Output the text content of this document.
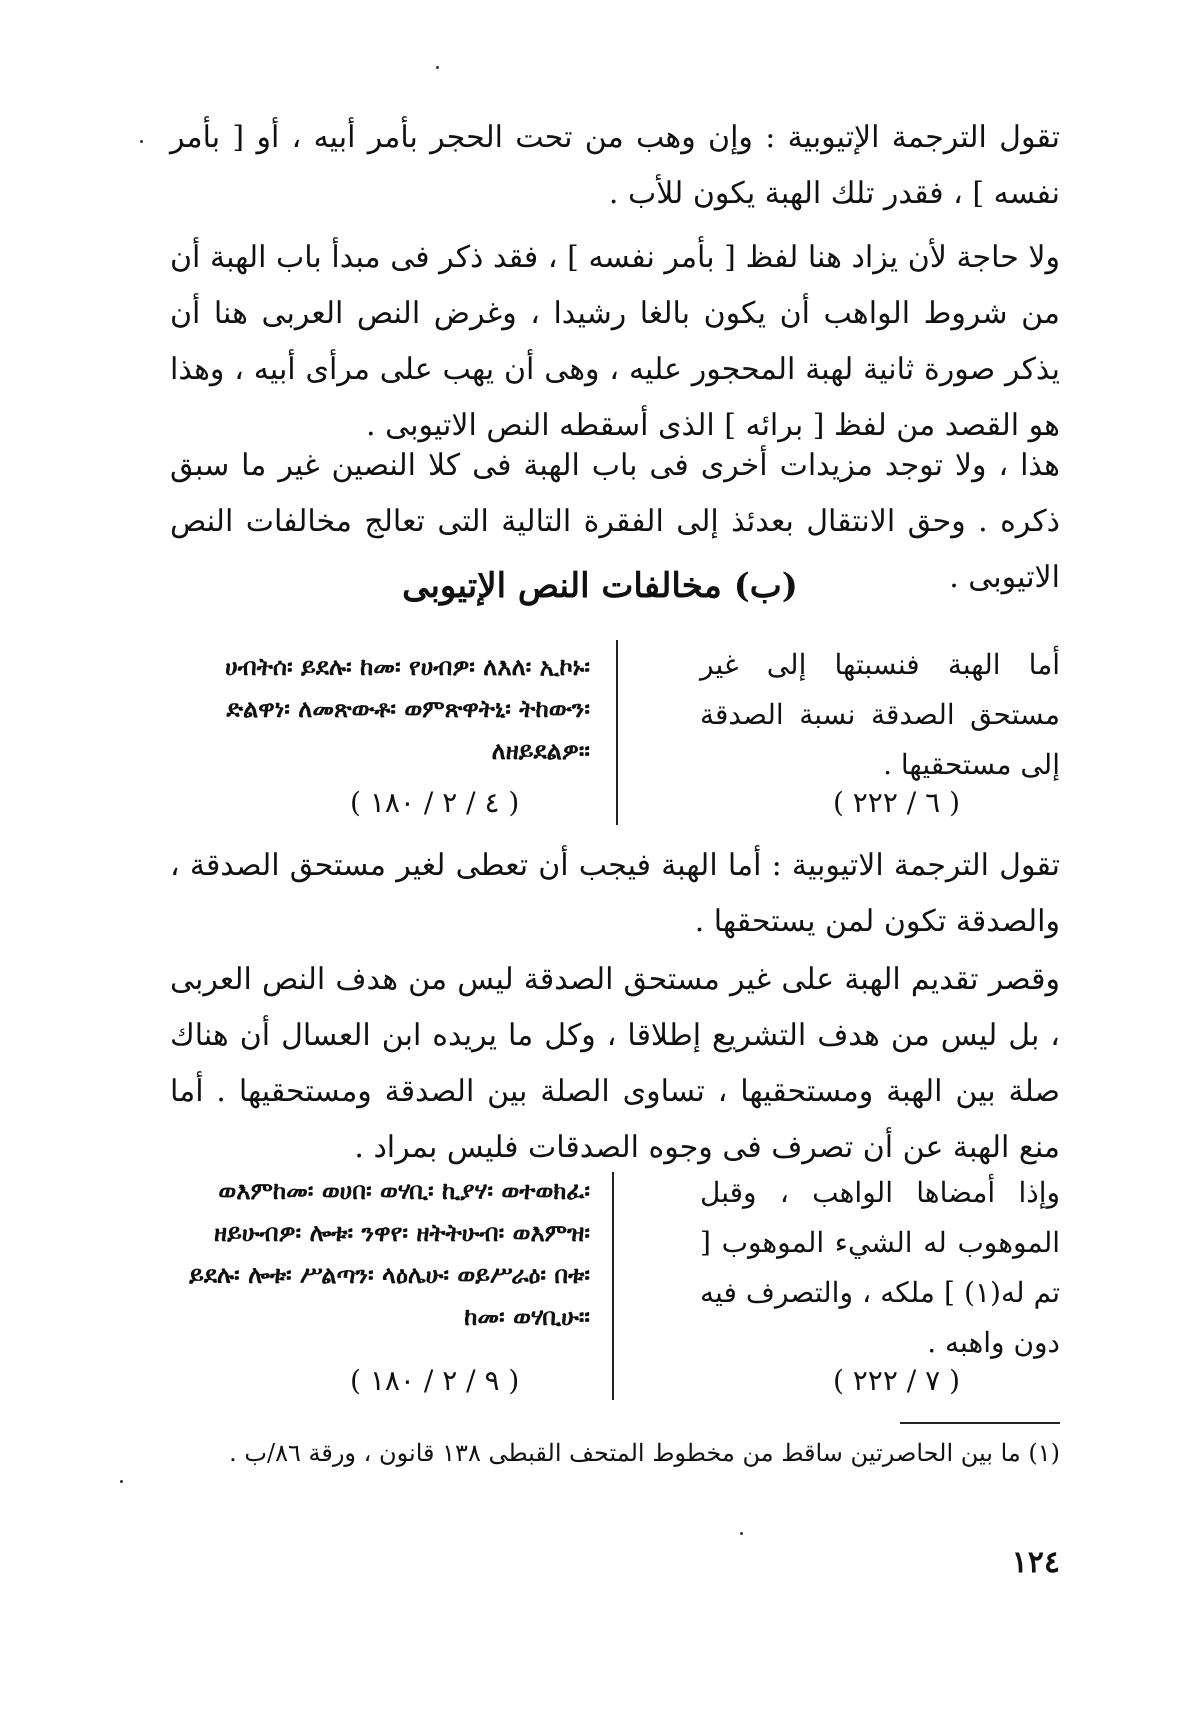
تقول الترجمة الإتيوبية : وإن وهب من تحت الحجر بأمر أبيه ، أو [ بأمر نفسه ] ، فقدر تلك الهبة يكون للأب .

ولا حاجة لأن يزاد هنا لفظ [ بأمر نفسه ] ، فقد ذكر فى مبدأ باب الهبة أن من شروط الواهب أن يكون بالغا رشيدا ، وغرض النص العربى هنا أن يذكر صورة ثانية لهبة المحجور عليه ، وهى أن يهب على مرأى أبيه ، وهذا هو القصد من لفظ [ برائه ] الذى أسقطه النص الاتيوبى .

هذا ، ولا توجد مزيدات أخرى فى باب الهبة فى كلا النصين غير ما سبق ذكره . وحق الانتقال بعدئذ إلى الفقرة التالية التى تعالج مخالفات النص الاتيوبى .

(ب) مخالفات النص الإتيوبى
أما الهبة فنسبتها إلى غير مستحق الصدقة نسبة الصدقة إلى مستحقيها .
ሀብትሰ፡ ይደሉ፡ ከመ፡ የሀብዎ፡ ለእለ፡ ኢኮኑ፡ ድልዋነ፡ ለመጽውቶ፡ ወምጽዋትኒ፡ ትከውን፡ ለዘይደልዎ።
( ٦ / ٢٢٢ )
( ٤ / ٢ / ١٨٠ )

تقول الترجمة الاتيوبية : أما الهبة فيجب أن تعطى لغير مستحق الصدقة ، والصدقة تكون لمن يستحقها .

وقصر تقديم الهبة على غير مستحق الصدقة ليس من هدف النص العربى ، بل ليس من هدف التشريع إطلاقا ، وكل ما يريده ابن العسال أن هناك صلة بين الهبة ومستحقيها ، تساوى الصلة بين الصدقة ومستحقيها . أما منع الهبة عن أن تصرف فى وجوه الصدقات فليس بمراد .

وإذا أمضاها الواهب ، وقبل الموهوب له الشيء الموهوب [ تم له(١) ] ملكه ، والتصرف فيه دون واهبه .
ወእምከመ፡ ወሀበ፡ ወሃቢ፡ ኪያሃ፡ ወተወክፈ፡ ዘይሁብዎ፡ ሎቱ፡ ንዋየ፡ ዘትትሁብ፡ ወእምዝ፡ ይደሉ፡ ሎቱ፡ ሥልጣን፡ ላዕሌሁ፡ ወይሥራዕ፡ በቱ፡ ከመ፡ ወሃቢሁ።
( ٧ / ٢٢٢ )
( ٩ / ٢ / ١٨٠ )
(١) ما بين الحاصرتين ساقط من مخطوط المتحف القبطى ١٣٨ قانون ، ورقة ٨٦/ب .
١٢٤
